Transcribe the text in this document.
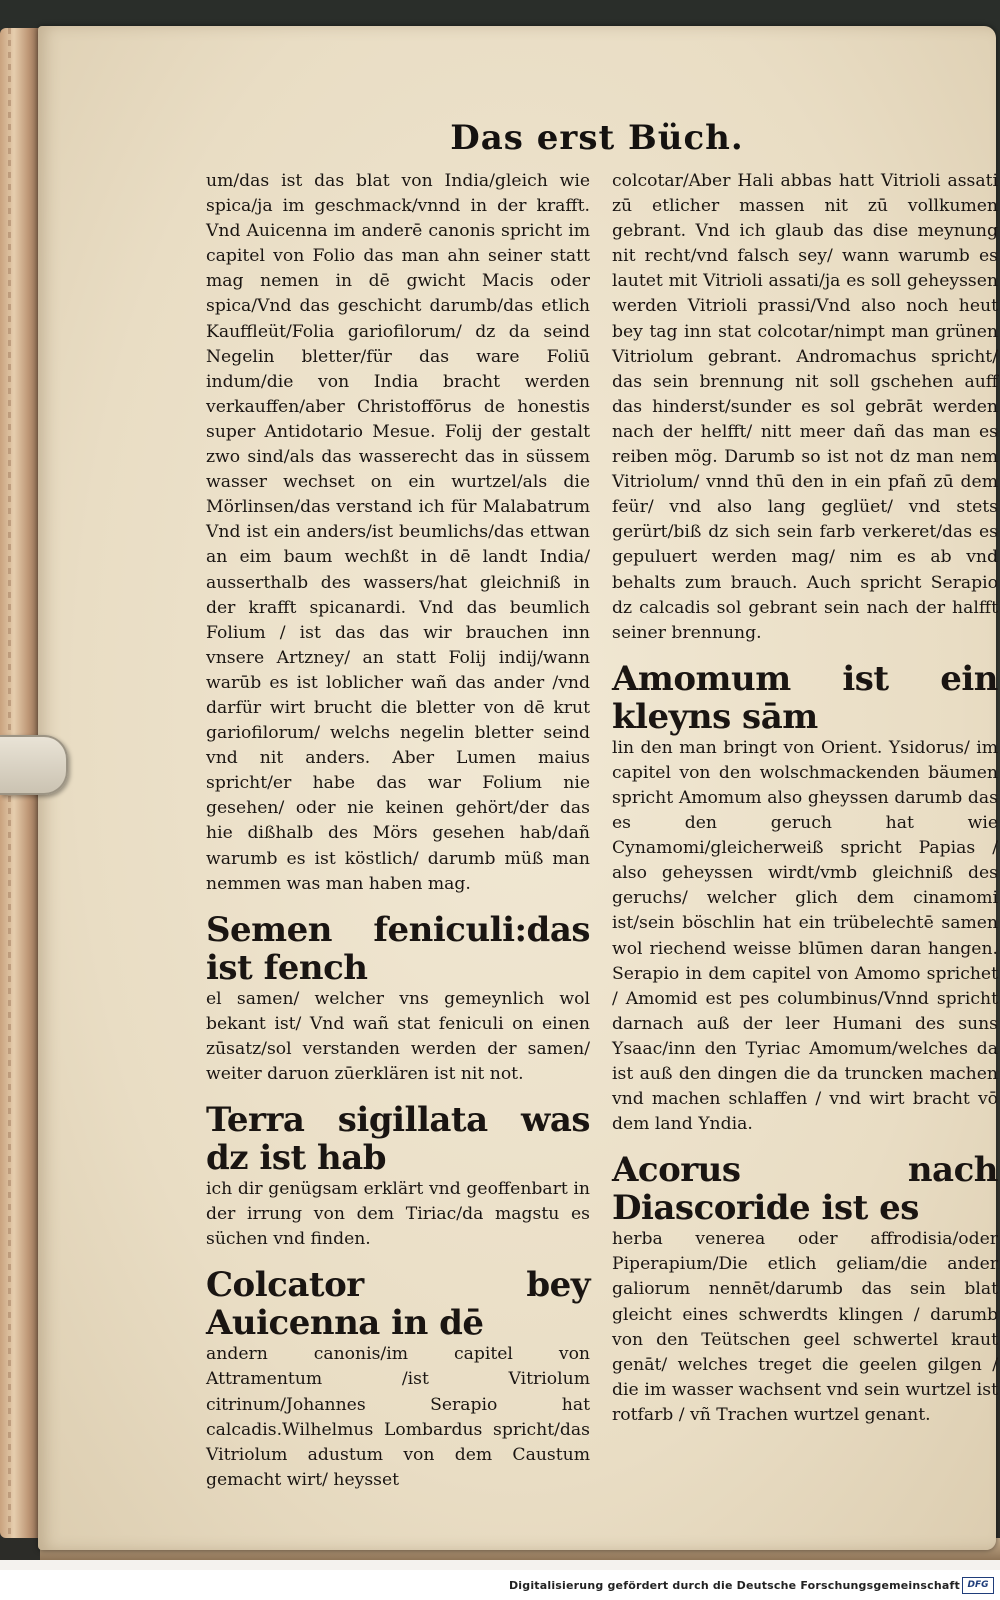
Das erst Büch.

um/das ist das blat von India/gleich wie spica/ja im geschmack/vnnd in der krafft. Vnd Auicenna im anderē canonis spricht im capitel von Folio das man ahn seiner statt mag nemen in dē gwicht Macis oder spica/Vnd das geschicht darumb/das etlich Kauffleüt/Folia gariofilorum/ dz da seind Negelin bletter/für das ware Foliū indum/die von India bracht werden verkauffen/aber Christoffōrus de honestis super Antidotario Mesue. Folij der gestalt zwo sind/als das wasserecht das in süssem wasser wechset on ein wurtzel/als die Mörlinsen/das verstand ich für Malabatrum Vnd ist ein anders/ist beumlichs/das ettwan an eim baum wechßt in dē landt India/ ausserthalb des wassers/hat gleichniß in der krafft spicanardi. Vnd das beumlich Folium / ist das das wir brauchen inn vnsere Artzney/ an statt Folij indij/wann warūb es ist loblicher wañ das ander /vnd darfür wirt brucht die bletter von dē krut gariofilorum/ welchs negelin bletter seind vnd nit anders. Aber Lumen maius spricht/er habe das war Folium nie gesehen/ oder nie keinen gehört/der das hie dißhalb des Mörs gesehen hab/dañ warumb es ist köstlich/ darumb müß man nemmen was man haben mag.

Semen feniculi:das ist fench

el samen/ welcher vns gemeynlich wol bekant ist/ Vnd wañ stat feniculi on einen zūsatz/sol verstanden werden der samen/ weiter daruon zūerklären ist nit not.

Terra sigillata was dz ist hab

ich dir genügsam erklärt vnd geoffenbart in der irrung von dem Tiriac/da magstu es süchen vnd finden.

Colcator bey Auicenna in dē

andern canonis/im capitel von Attramentum /ist Vitriolum citrinum/Johannes Serapio hat calcadis.Wilhelmus Lombardus spricht/das Vitriolum adustum von dem Caustum gemacht wirt/ heysset

colcotar/Aber Hali abbas hatt Vitrioli assati zū etlicher massen nit zū vollkumen gebrant. Vnd ich glaub das dise meynung nit recht/vnd falsch sey/ wann warumb es lautet mit Vitrioli assati/ja es soll geheyssen werden Vitrioli prassi/Vnd also noch heut bey tag inn stat colcotar/nimpt man grünen Vitriolum gebrant. Andromachus spricht/ das sein brennung nit soll gschehen auff das hinderst/sunder es sol gebrāt werden nach der helfft/ nitt meer dañ das man es reiben mög. Darumb so ist not dz man nem Vitriolum/ vnnd thū den in ein pfañ zū dem feür/ vnd also lang geglüet/ vnd stets gerürt/biß dz sich sein farb verkeret/das es gepuluert werden mag/ nim es ab vnd behalts zum brauch. Auch spricht Serapio dz calcadis sol gebrant sein nach der halfft seiner brennung.

Amomum ist ein kleyns sām

lin den man bringt von Orient. Ysidorus/ im capitel von den wolschmackenden bäumen spricht Amomum also gheyssen darumb das es den geruch hat wie Cynamomi/gleicherweiß spricht Papias / also geheyssen wirdt/vmb gleichniß des geruchs/ welcher glich dem cinamomi ist/sein böschlin hat ein trübelechtē samen wol riechend weisse blūmen daran hangen. Serapio in dem capitel von Amomo sprichet / Amomid est pes columbinus/Vnnd spricht darnach auß der leer Humani des suns Ysaac/inn den Tyriac Amomum/welches da ist auß den dingen die da truncken machen vnd machen schlaffen / vnd wirt bracht vō dem land Yndia.

Acorus nach Diascoride ist es

herba venerea oder affrodisia/oder Piperapium/Die etlich geliam/die ander galiorum nennēt/darumb das sein blat gleicht eines schwerdts klingen / darumb von den Teütschen geel schwertel kraut genāt/ welches treget die geelen gilgen / die im wasser wachsent vnd sein wurtzel ist rotfarb / vñ Trachen wurtzel genant.

Digitalisierung gefördert durch die Deutsche Forschungsgemeinschaft DFG
